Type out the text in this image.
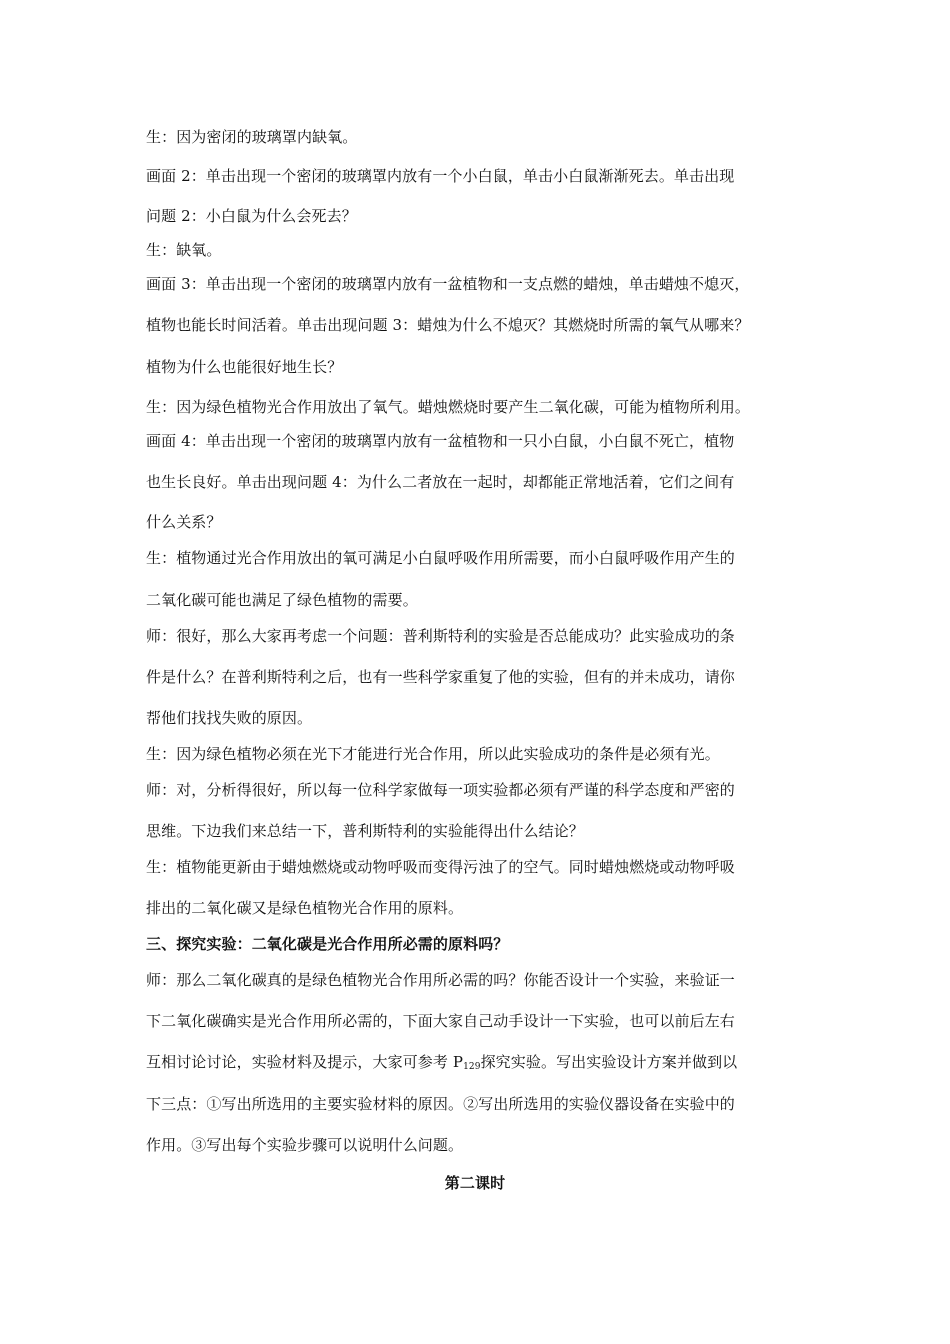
生：因为密闭的玻璃罩内缺氧。
画面 2：单击出现一个密闭的玻璃罩内放有一个小白鼠，单击小白鼠渐渐死去。单击出现
问题 2：小白鼠为什么会死去？
生：缺氧。
画面 3：单击出现一个密闭的玻璃罩内放有一盆植物和一支点燃的蜡烛，单击蜡烛不熄灭，
植物也能长时间活着。单击出现问题 3：蜡烛为什么不熄灭？其燃烧时所需的氧气从哪来？
植物为什么也能很好地生长？
生：因为绿色植物光合作用放出了氧气。蜡烛燃烧时要产生二氧化碳，可能为植物所利用。
画面 4：单击出现一个密闭的玻璃罩内放有一盆植物和一只小白鼠，小白鼠不死亡，植物
也生长良好。单击出现问题 4：为什么二者放在一起时，却都能正常地活着，它们之间有
什么关系？
生：植物通过光合作用放出的氧可满足小白鼠呼吸作用所需要，而小白鼠呼吸作用产生的
二氧化碳可能也满足了绿色植物的需要。
师：很好，那么大家再考虑一个问题：普利斯特利的实验是否总能成功？此实验成功的条
件是什么？在普利斯特利之后，也有一些科学家重复了他的实验，但有的并未成功，请你
帮他们找找失败的原因。
生：因为绿色植物必须在光下才能进行光合作用，所以此实验成功的条件是必须有光。
师：对，分析得很好，所以每一位科学家做每一项实验都必须有严谨的科学态度和严密的
思维。下边我们来总结一下，普利斯特利的实验能得出什么结论？
生：植物能更新由于蜡烛燃烧或动物呼吸而变得污浊了的空气。同时蜡烛燃烧或动物呼吸
排出的二氧化碳又是绿色植物光合作用的原料。
三、探究实验：二氧化碳是光合作用所必需的原料吗？
师：那么二氧化碳真的是绿色植物光合作用所必需的吗？你能否设计一个实验，来验证一
下二氧化碳确实是光合作用所必需的，下面大家自己动手设计一下实验，也可以前后左右
互相讨论讨论，实验材料及提示，大家可参考 $P_{129}$探究实验。写出实验设计方案并做到以
下三点：①写出所选用的主要实验材料的原因。②写出所选用的实验仪器设备在实验中的
作用。③写出每个实验步骤可以说明什么问题。
第二课时
